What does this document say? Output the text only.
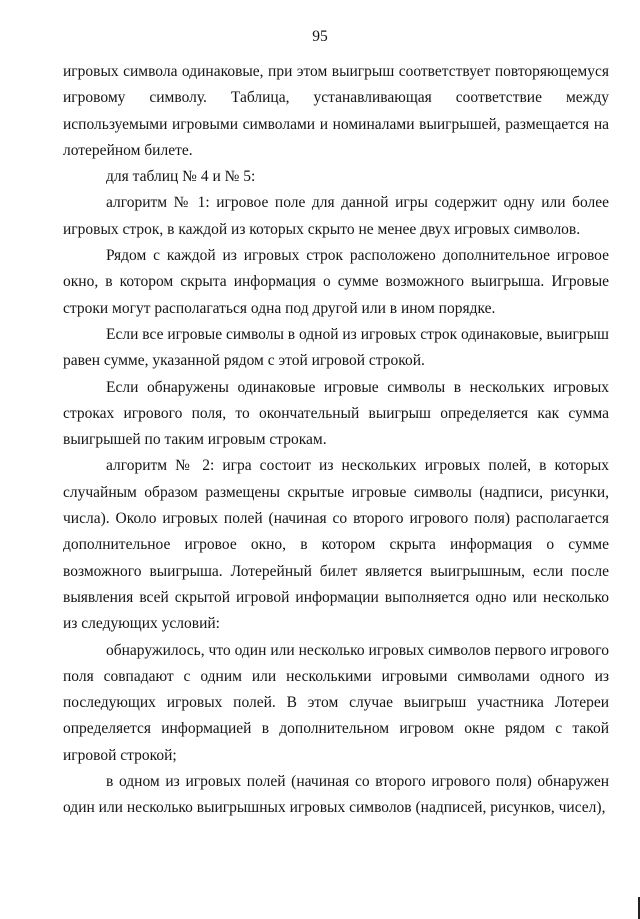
95

игровых символа одинаковые, при этом выигрыш соответствует повторяющемуся игровому символу. Таблица, устанавливающая соответствие между используемыми игровыми символами и номиналами выигрышей, размещается на лотерейном билете.

для таблиц № 4 и № 5:

алгоритм № 1: игровое поле для данной игры содержит одну или более игровых строк, в каждой из которых скрыто не менее двух игровых символов.

Рядом с каждой из игровых строк расположено дополнительное игровое окно, в котором скрыта информация о сумме возможного выигрыша. Игровые строки могут располагаться одна под другой или в ином порядке.

Если все игровые символы в одной из игровых строк одинаковые, выигрыш равен сумме, указанной рядом с этой игровой строкой.

Если обнаружены одинаковые игровые символы в нескольких игровых строках игрового поля, то окончательный выигрыш определяется как сумма выигрышей по таким игровым строкам.

алгоритм № 2: игра состоит из нескольких игровых полей, в которых случайным образом размещены скрытые игровые символы (надписи, рисунки, числа). Около игровых полей (начиная со второго игрового поля) располагается дополнительное игровое окно, в котором скрыта информация о сумме возможного выигрыша. Лотерейный билет является выигрышным, если после выявления всей скрытой игровой информации выполняется одно или несколько из следующих условий:

обнаружилось, что один или несколько игровых символов первого игрового поля совпадают с одним или несколькими игровыми символами одного из последующих игровых полей. В этом случае выигрыш участника Лотереи определяется информацией в дополнительном игровом окне рядом с такой игровой строкой;

в одном из игровых полей (начиная со второго игрового поля) обнаружен один или несколько выигрышных игровых символов (надписей, рисунков, чисел),
